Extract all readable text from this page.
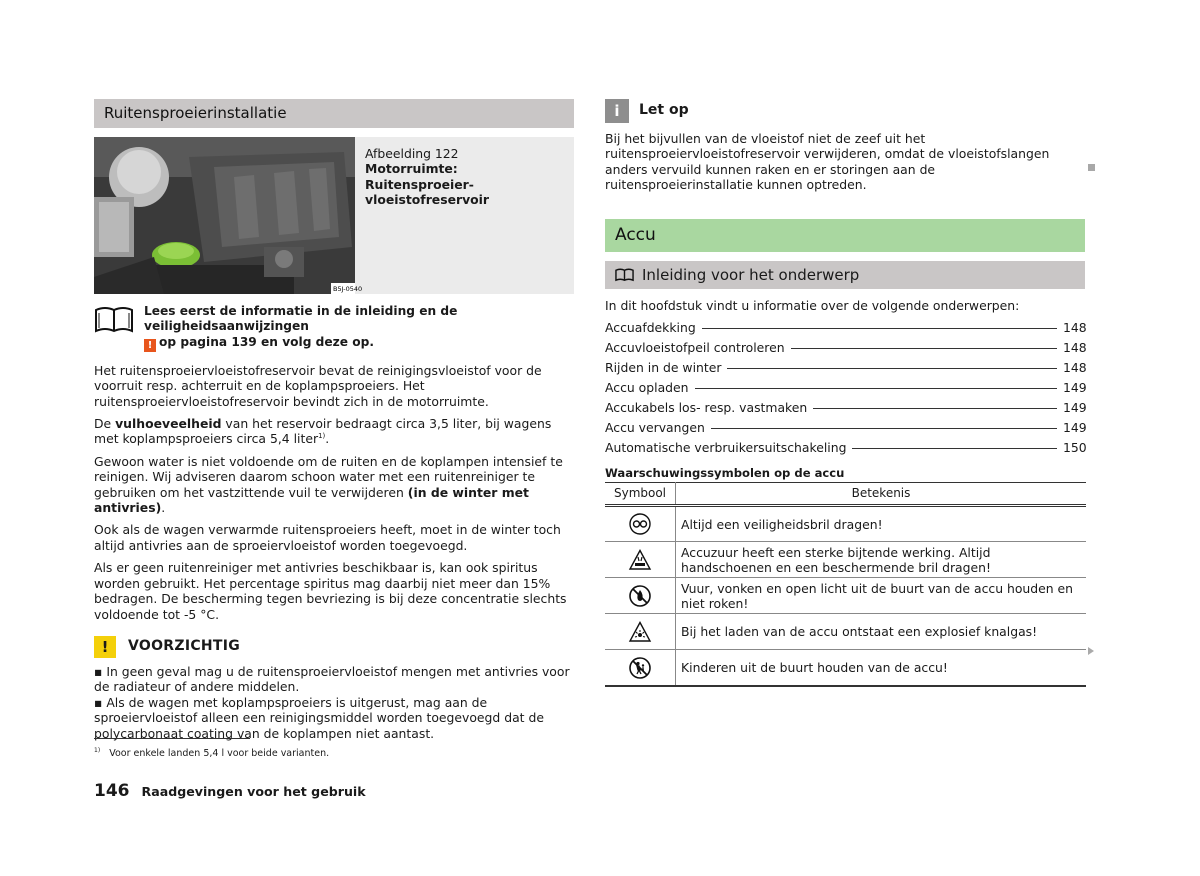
Ruitensproeierinstallatie
B5J-0540
Afbeelding 122
Motorruimte: Ruitensproeier-vloeistofreservoir
Lees eerst de informatie in de inleiding en de veiligheidsaanwijzingen
! op pagina 139 en volg deze op.

Het ruitensproeiervloeistofreservoir bevat de reinigingsvloeistof voor de voorruit resp. achterruit en de koplampsproeiers. Het ruitensproeiervloeistofreservoir bevindt zich in de motorruimte.

De vulhoeveelheid van het reservoir bedraagt circa 3,5 liter, bij wagens met koplampsproeiers circa 5,4 liter$^{1)}$.

Gewoon water is niet voldoende om de ruiten en de koplampen intensief te reinigen. Wij adviseren daarom schoon water met een ruitenreiniger te gebruiken om het vastzittende vuil te verwijderen (in de winter met antivries).

Ook als de wagen verwarmde ruitensproeiers heeft, moet in de winter toch altijd antivries aan de sproeiervloeistof worden toegevoegd.

Als er geen ruitenreiniger met antivries beschikbaar is, kan ook spiritus worden gebruikt. Het percentage spiritus mag daarbij niet meer dan 15% bedragen. De bescherming tegen bevriezing is bij deze concentratie slechts voldoende tot -5 °C.

!	VOORZICHTIG

▪ In geen geval mag u de ruitensproeiervloeistof mengen met antivries voor de radiateur of andere middelen.

▪ Als de wagen met koplampsproeiers is uitgerust, mag aan de sproeiervloeistof alleen een reinigingsmiddel worden toegevoegd dat de polycarbonaat coating van de koplampen niet aantast.

$^{1)}$ Voor enkele landen 5,4 l voor beide varianten.
146 Raadgevingen voor het gebruik
i	Let op

Bij het bijvullen van de vloeistof niet de zeef uit het ruitensproeiervloeistofreservoir verwijderen, omdat de vloeistofslangen anders vervuild kunnen raken en er storingen aan de ruitensproeierinstallatie kunnen optreden.

Accu
Inleiding voor het onderwerp

In dit hoofdstuk vindt u informatie over de volgende onderwerpen:

Accuafdekking	148
Accuvloeistofpeil controleren	148
Rijden in de winter	148
Accu opladen	149
Accukabels los- resp. vastmaken	149
Accu vervangen	149
Automatische verbruikersuitschakeling	150
Waarschuwingssymbolen op de accu
Symbool	Betekenis
	Altijd een veiligheidsbril dragen!
	Accuzuur heeft een sterke bijtende werking. Altijd handschoenen en een beschermende bril dragen!
	Vuur, vonken en open licht uit de buurt van de accu houden en niet roken!
	Bij het laden van de accu ontstaat een explosief knalgas!
	Kinderen uit de buurt houden van de accu!
